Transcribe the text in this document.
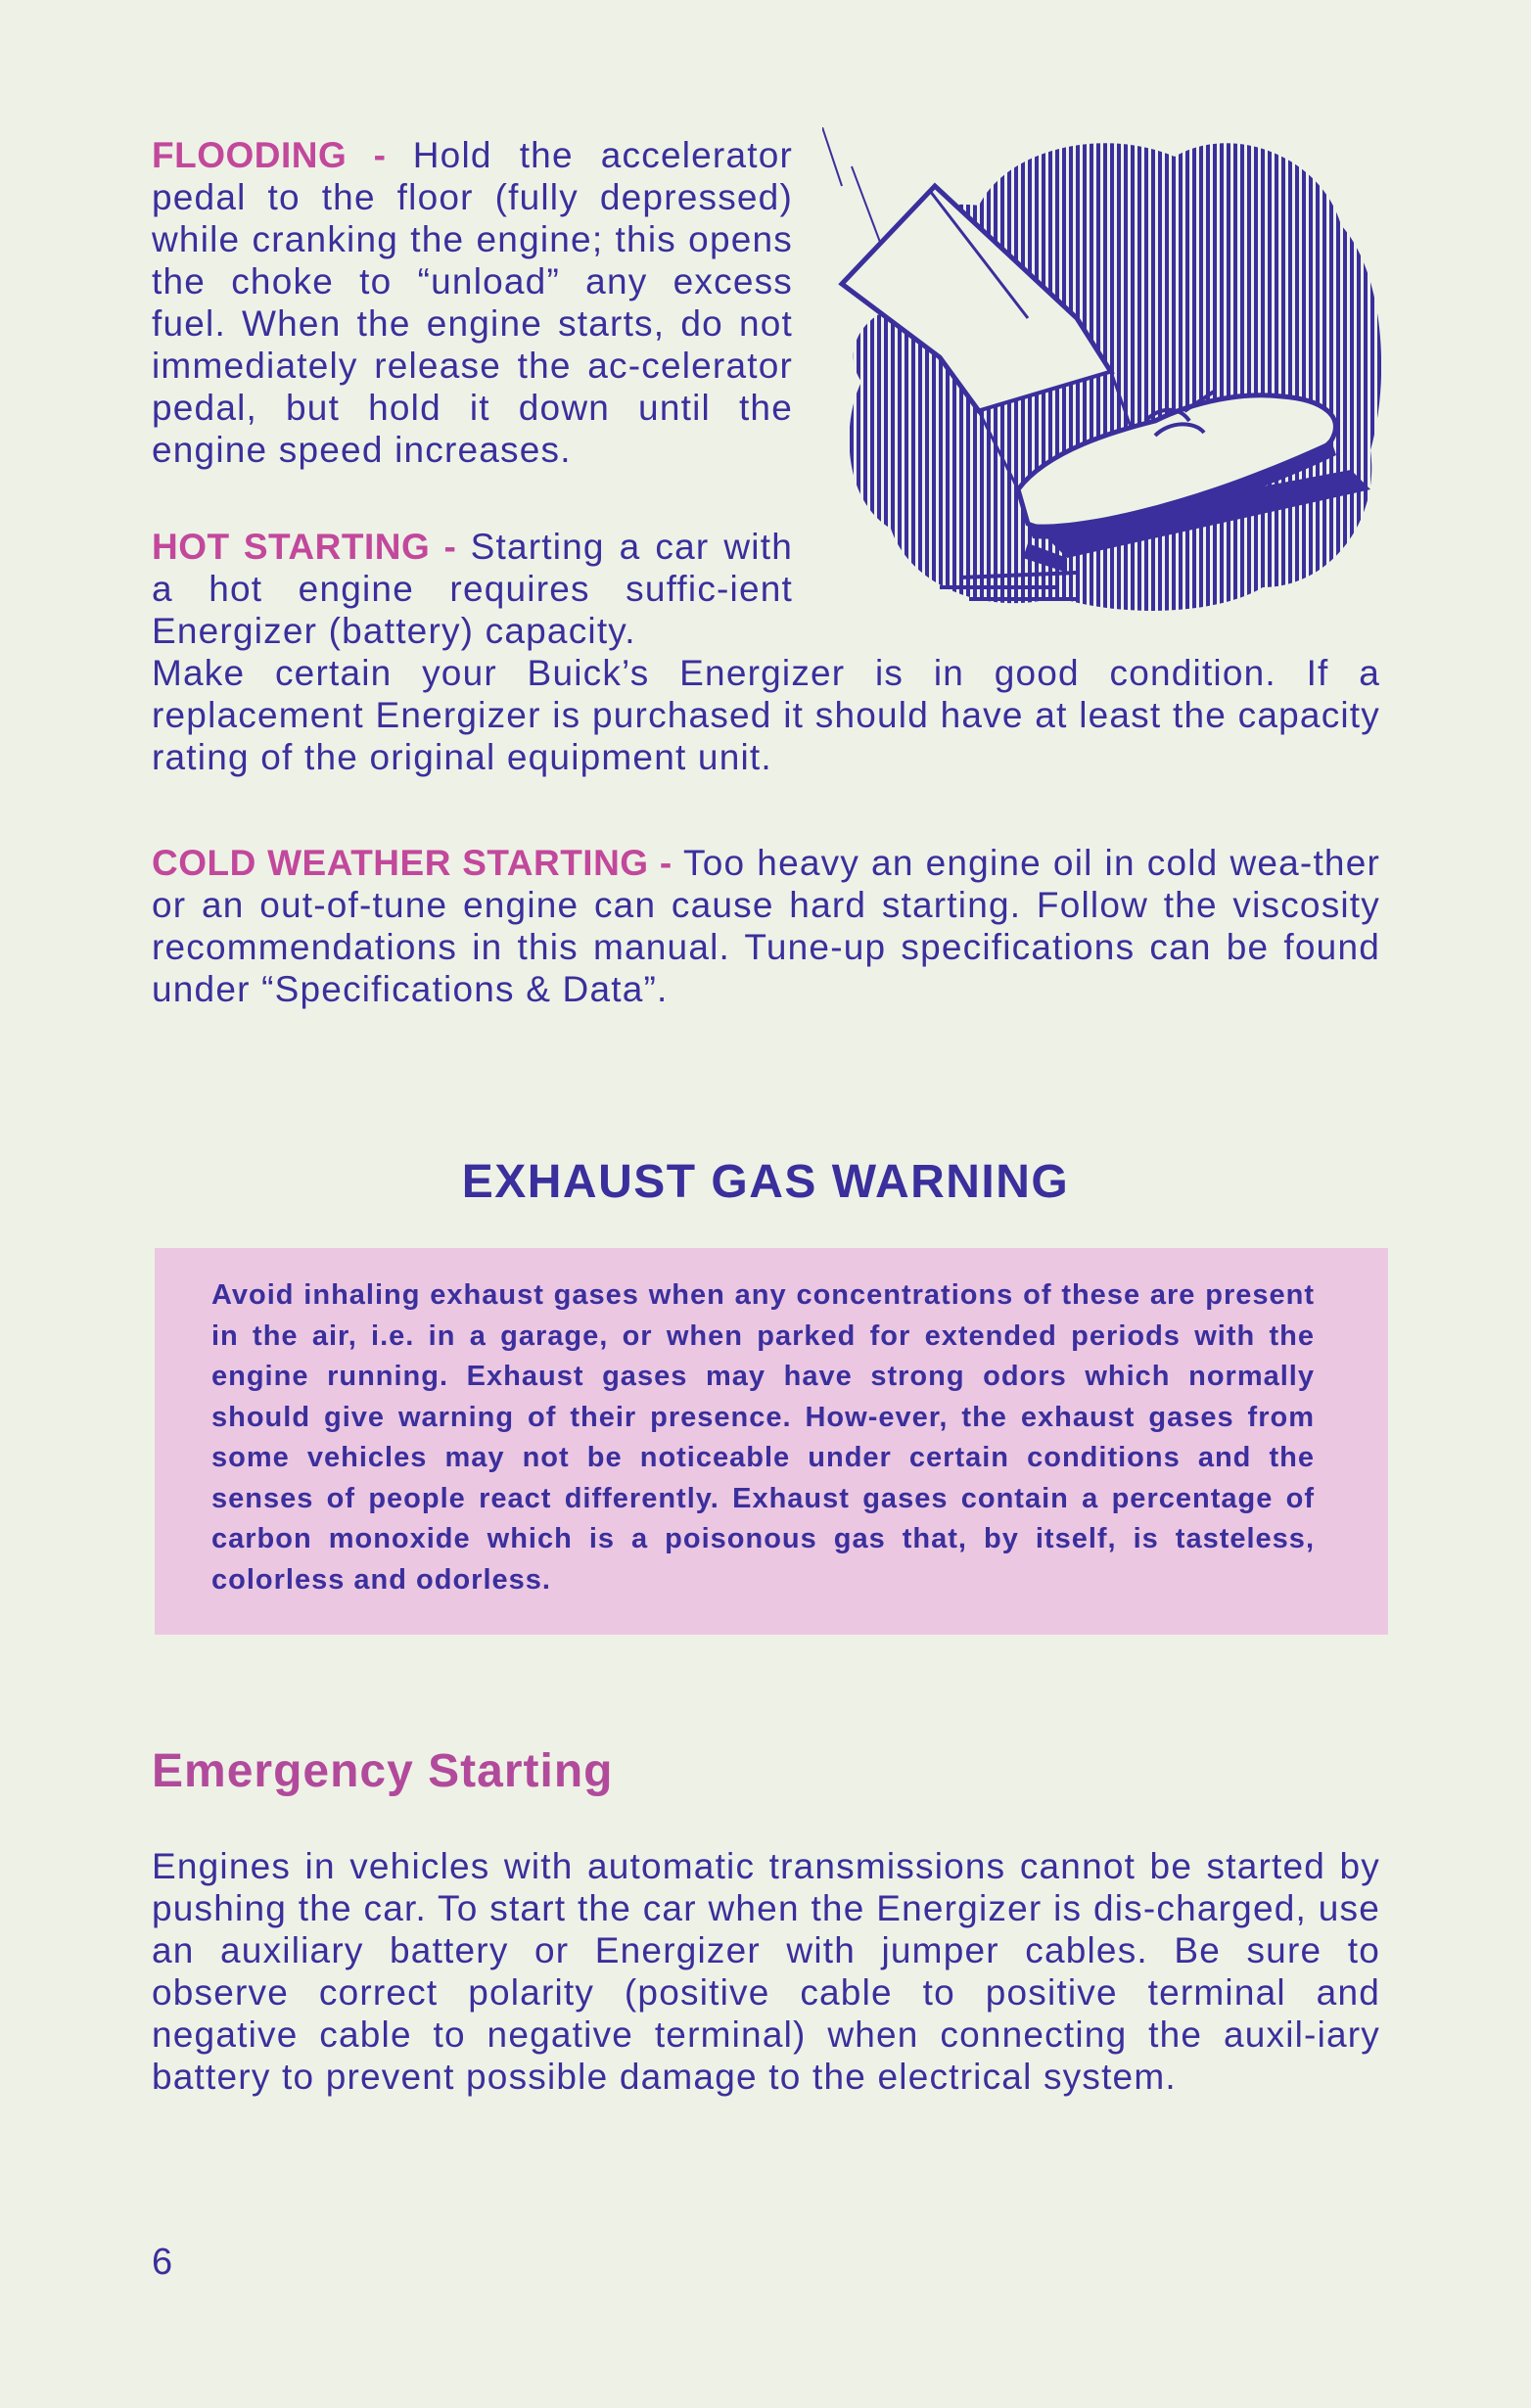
FLOODING - Hold the accelerator pedal to the floor (fully depressed) while cranking the engine; this opens the choke to “unload” any excess fuel. When the engine starts, do not immediately release the ac-celerator pedal, but hold it down until the engine speed increases.
HOT STARTING - Starting a car with a hot engine requires suffic-ient Energizer (battery) capacity.
Make certain your Buick’s Energizer is in good condition. If a replacement Energizer is purchased it should have at least the capacity rating of the original equipment unit.
COLD WEATHER STARTING - Too heavy an engine oil in cold wea-ther or an out-of-tune engine can cause hard starting. Follow the viscosity recommendations in this manual. Tune-up specifications can be found under “Specifications & Data”.
EXHAUST GAS WARNING
Avoid inhaling exhaust gases when any concentrations of these are present in the air, i.e. in a garage, or when parked for extended periods with the engine running. Exhaust gases may have strong odors which normally should give warning of their presence. How-ever, the exhaust gases from some vehicles may not be noticeable under certain conditions and the senses of people react differently. Exhaust gases contain a percentage of carbon monoxide which is a poisonous gas that, by itself, is tasteless, colorless and odorless.
Emergency Starting
Engines in vehicles with automatic transmissions cannot be started by pushing the car. To start the car when the Energizer is dis-charged, use an auxiliary battery or Energizer with jumper cables. Be sure to observe correct polarity (positive cable to positive terminal and negative cable to negative terminal) when connecting the auxil-iary battery to prevent possible damage to the electrical system.
6
